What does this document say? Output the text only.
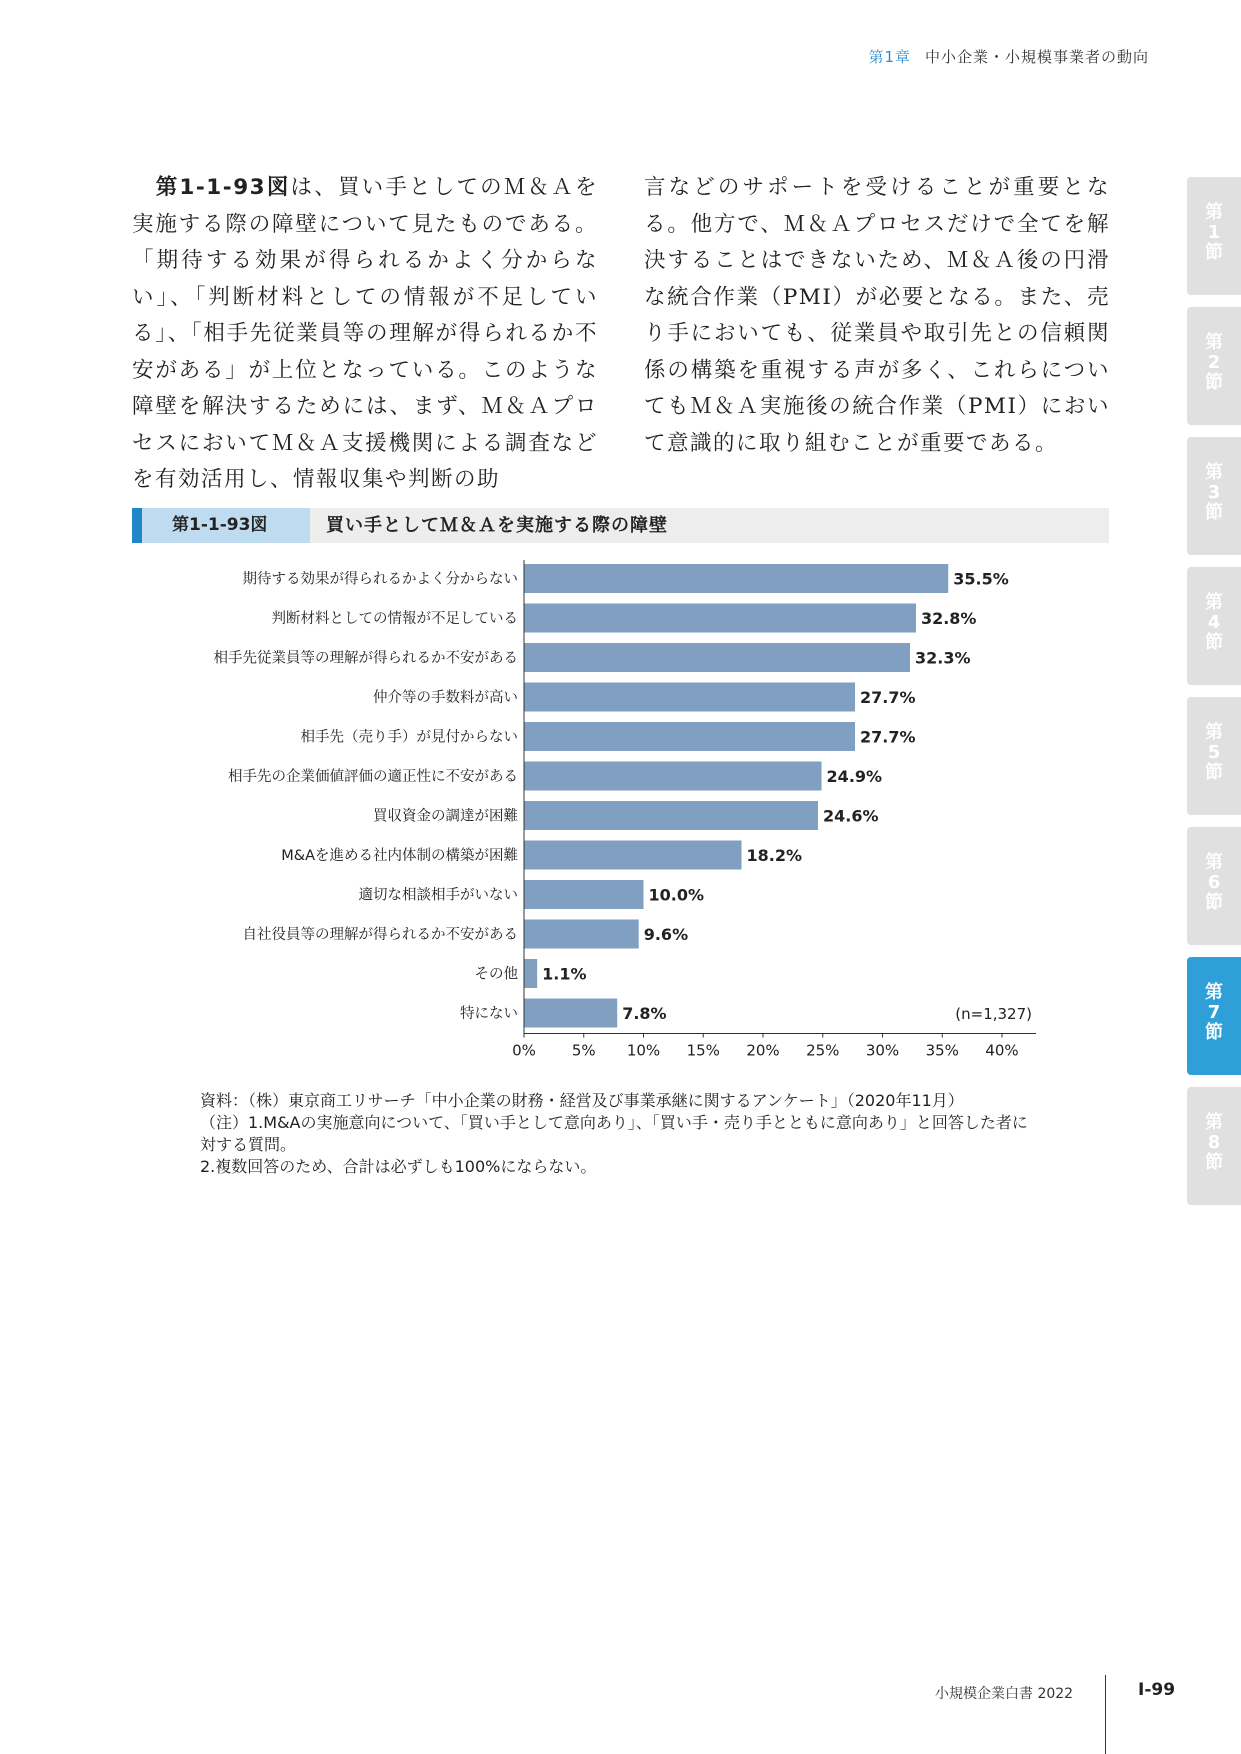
第1章 中小企業・小規模事業者の動向
　第1-1-93図は、買い手としてのＭ＆Ａを実施する際の障壁について見たものである。「期待する効果が得られるかよく分からない」、「判断材料としての情報が不足している」、「相手先従業員等の理解が得られるか不安がある」が上位となっている。このような障壁を解決するためには、まず、Ｍ＆ＡプロセスにおいてＭ＆Ａ支援機関による調査などを有効活用し、情報収集や判断の助
言などのサポートを受けることが重要となる。他方で、Ｍ＆Ａプロセスだけで全てを解決することはできないため、Ｍ＆Ａ後の円滑な統合作業（PMI）が必要となる。また、売り手においても、従業員や取引先との信頼関係の構築を重視する声が多く、これらについてもＭ＆Ａ実施後の統合作業（PMI）において意識的に取り組むことが重要である。
第
1
節
第
2
節
第
3
節
第
4
節
第
5
節
第
6
節
第
7
節
第
8
節
第1-1-93図	買い手としてＭ＆Ａを実施する際の障壁
期待する効果が得られるかよく分からない	35.5%
判断材料としての情報が不足している	32.8%
相手先従業員等の理解が得られるか不安がある	32.3%
仲介等の手数料が高い	27.7%
相手先（売り手）が見付からない	27.7%
相手先の企業価値評価の適正性に不安がある	24.9%
買収資金の調達が困難	24.6%
M&Aを進める社内体制の構築が困難	18.2%
適切な相談相手がいない	10.0%
自社役員等の理解が得られるか不安がある	9.6%
その他 1.1%
特にない	7.8%
0% 5% 10% 15% 20% 25% 30% 35% 40%
(n=1,327)

資料：（株）東京商工リサーチ「中小企業の財務・経営及び事業承継に関するアンケート」（2020年11月）

（注）1.M&Aの実施意向について、「買い手として意向あり」、「買い手・売り手とともに意向あり」と回答した者に対する質問。

2.複数回答のため、合計は必ずしも100%にならない。

小規模企業白書 2022	Ⅰ-99
